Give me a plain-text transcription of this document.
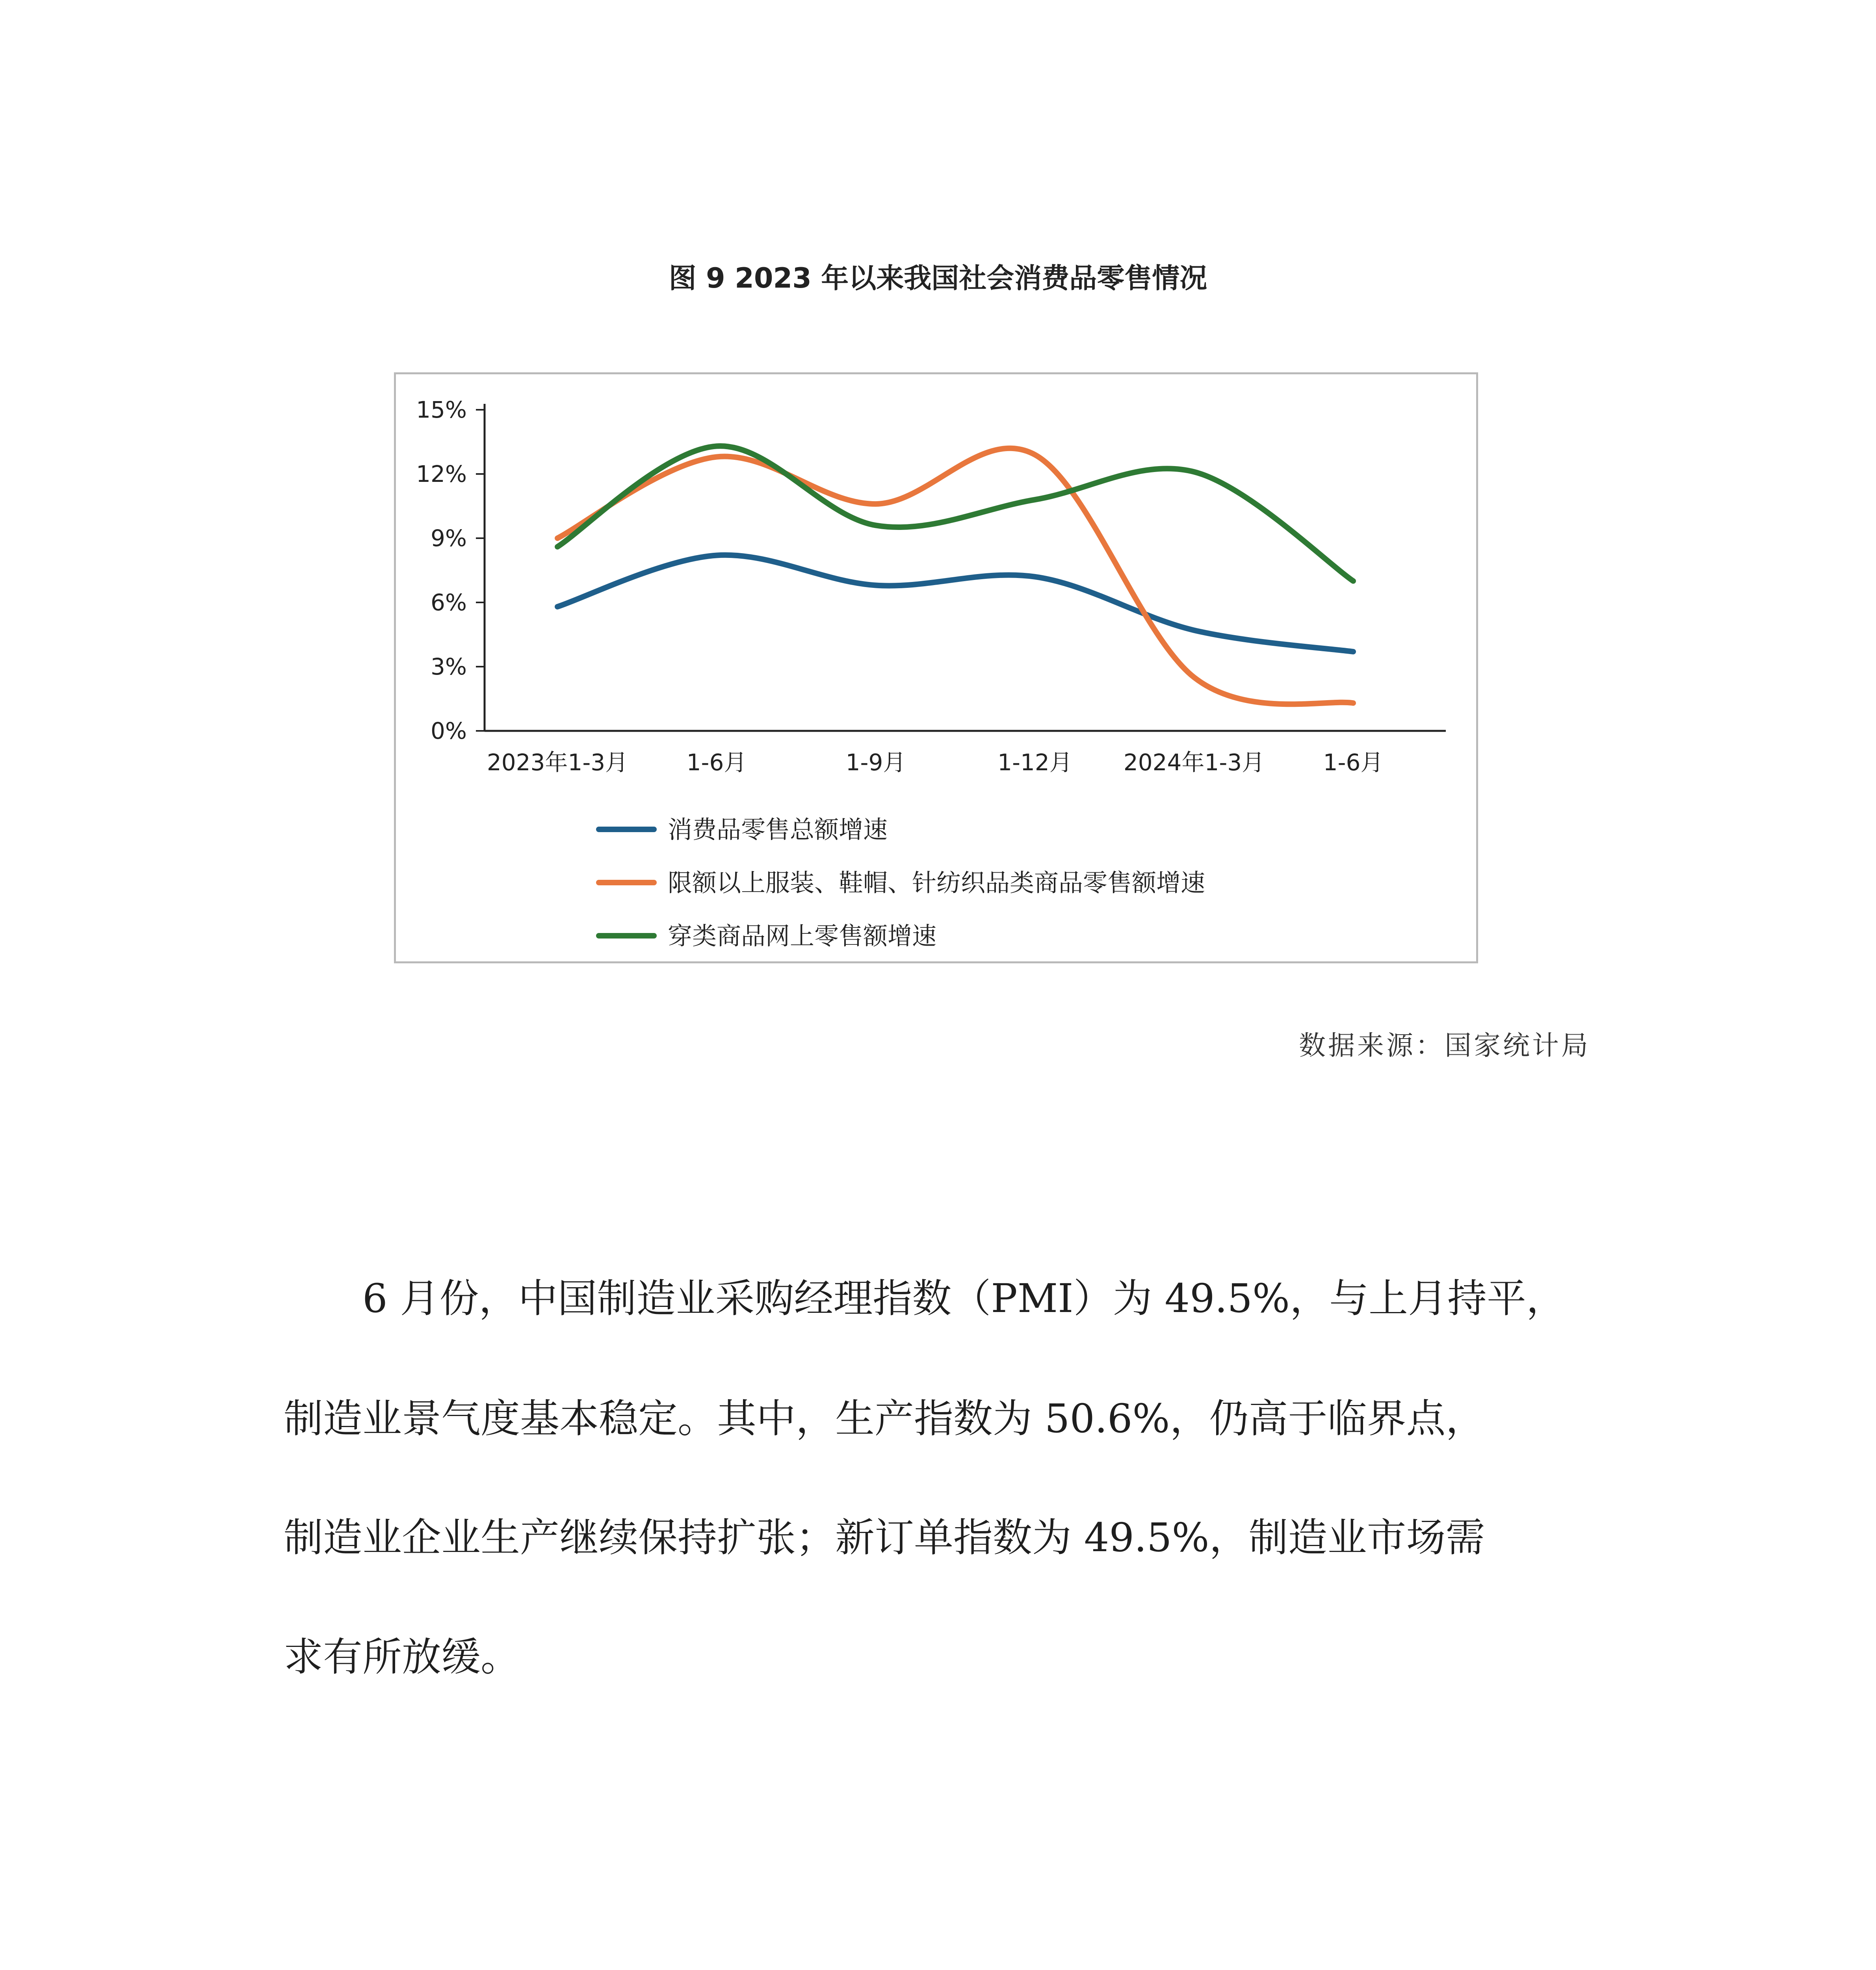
图 9 2023 年以来我国社会消费品零售情况
0%
3%
6%
9%
12%
15%
2023年1-3月	1-6月	1-9月	1-12月 2024年1-3月	1-6月
消费品零售总额增速
限额以上服装、鞋帽、针纺织品类商品零售额增速
穿类商品网上零售额增速
数据来源：国家统计局
6 月份，中国制造业采购经理指数（PMI）为 49.5%，与上月持平，
制造业景气度基本稳定。其中，生产指数为 50.6%，仍高于临界点，
制造业企业生产继续保持扩张；新订单指数为 49.5%，制造业市场需
求有所放缓。
